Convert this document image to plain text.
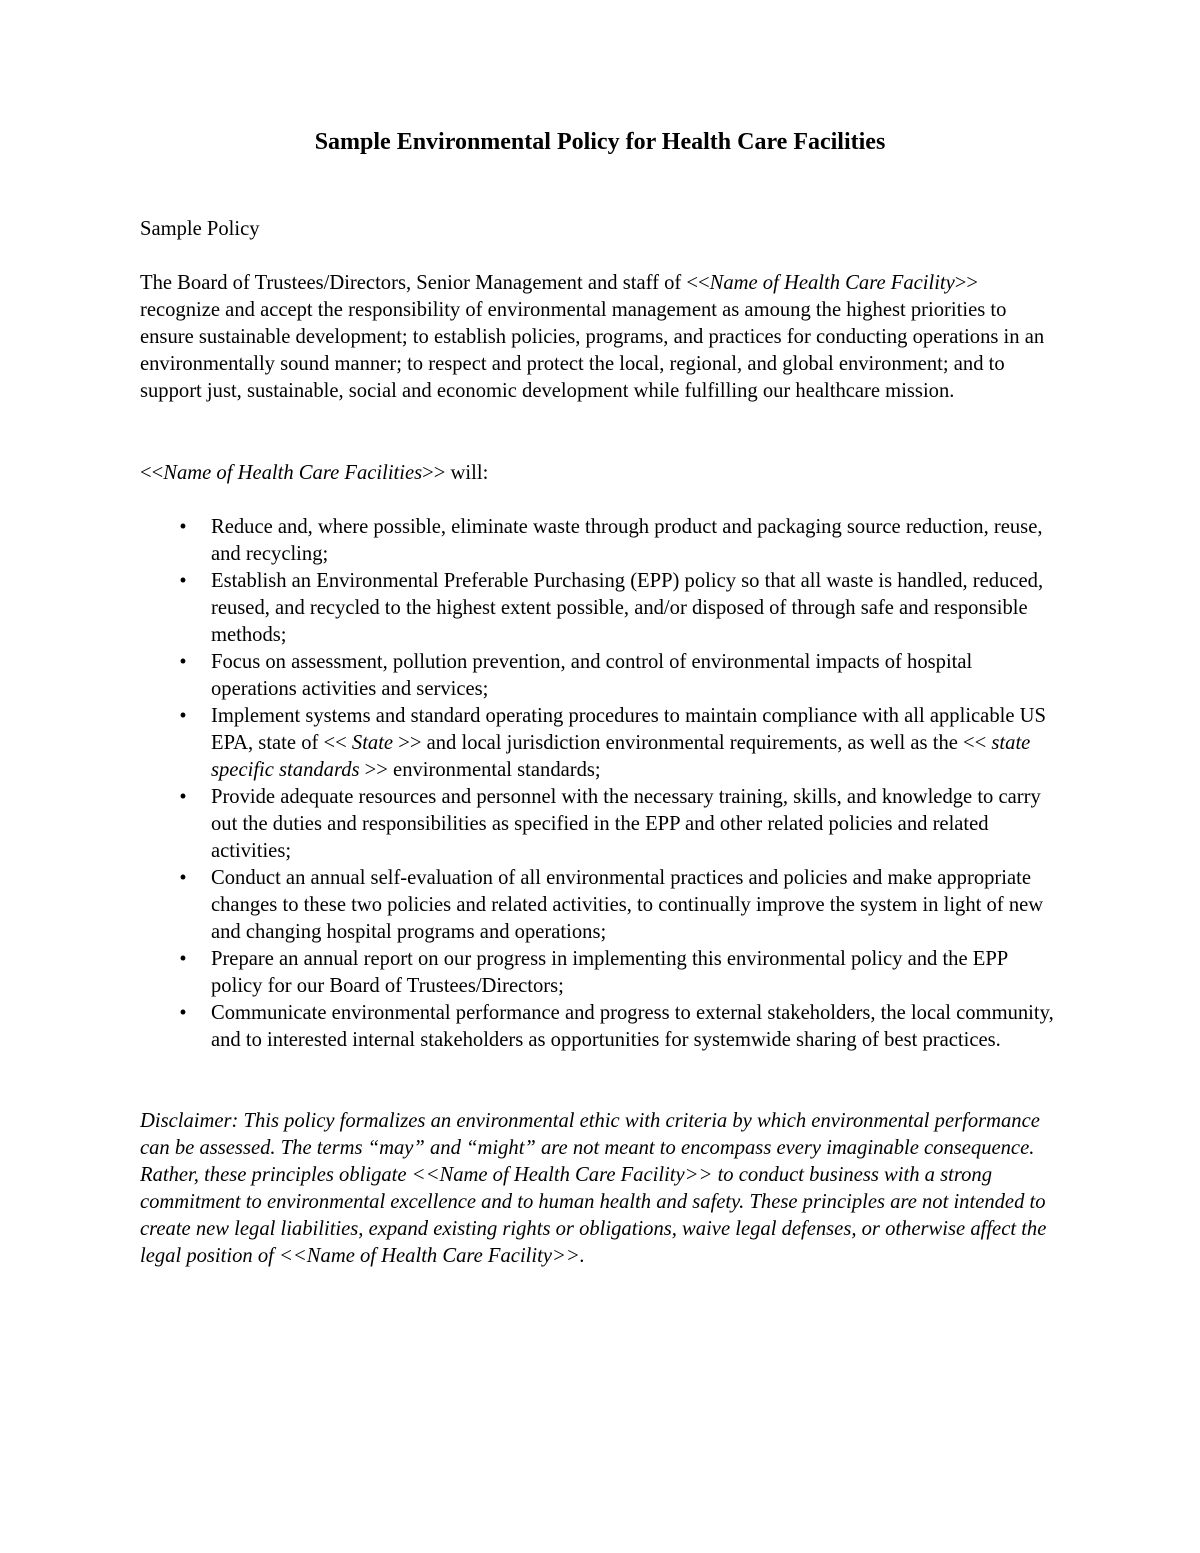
Sample Environmental Policy for Health Care Facilities

Sample Policy

The Board of Trustees/Directors, Senior Management and staff of <<Name of Health Care Facility>> recognize and accept the responsibility of environmental management as amoung the highest priorities to ensure sustainable development; to establish policies, programs, and practices for conducting operations in an environmentally sound manner; to respect and protect the local, regional, and global environment; and to support just, sustainable, social and economic development while fulfilling our healthcare mission.

<<Name of Health Care Facilities>> will:

•	Reduce and, where possible, eliminate waste through product and packaging source reduction, reuse, and recycling;
•	Establish an Environmental Preferable Purchasing (EPP) policy so that all waste is handled, reduced, reused, and recycled to the highest extent possible, and/or disposed of through safe and responsible methods;
•	Focus on assessment, pollution prevention, and control of environmental impacts of hospital operations activities and services;
•	Implement systems and standard operating procedures to maintain compliance with all applicable US EPA, state of << State >> and local jurisdiction environmental requirements, as well as the << state specific standards >> environmental standards;
•	Provide adequate resources and personnel with the necessary training, skills, and knowledge to carry out the duties and responsibilities as specified in the EPP and other related policies and related activities;
•	Conduct an annual self-evaluation of all environmental practices and policies and make appropriate changes to these two policies and related activities, to continually improve the system in light of new and changing hospital programs and operations;
•	Prepare an annual report on our progress in implementing this environmental policy and the EPP policy for our Board of Trustees/Directors;
•	Communicate environmental performance and progress to external stakeholders, the local community, and to interested internal stakeholders as opportunities for systemwide sharing of best practices.

Disclaimer: This policy formalizes an environmental ethic with criteria by which environmental performance can be assessed. The terms “may” and “might” are not meant to encompass every imaginable consequence. Rather, these principles obligate <<Name of Health Care Facility>> to conduct business with a strong commitment to environmental excellence and to human health and safety. These principles are not intended to create new legal liabilities, expand existing rights or obligations, waive legal defenses, or otherwise affect the legal position of <<Name of Health Care Facility>>.
